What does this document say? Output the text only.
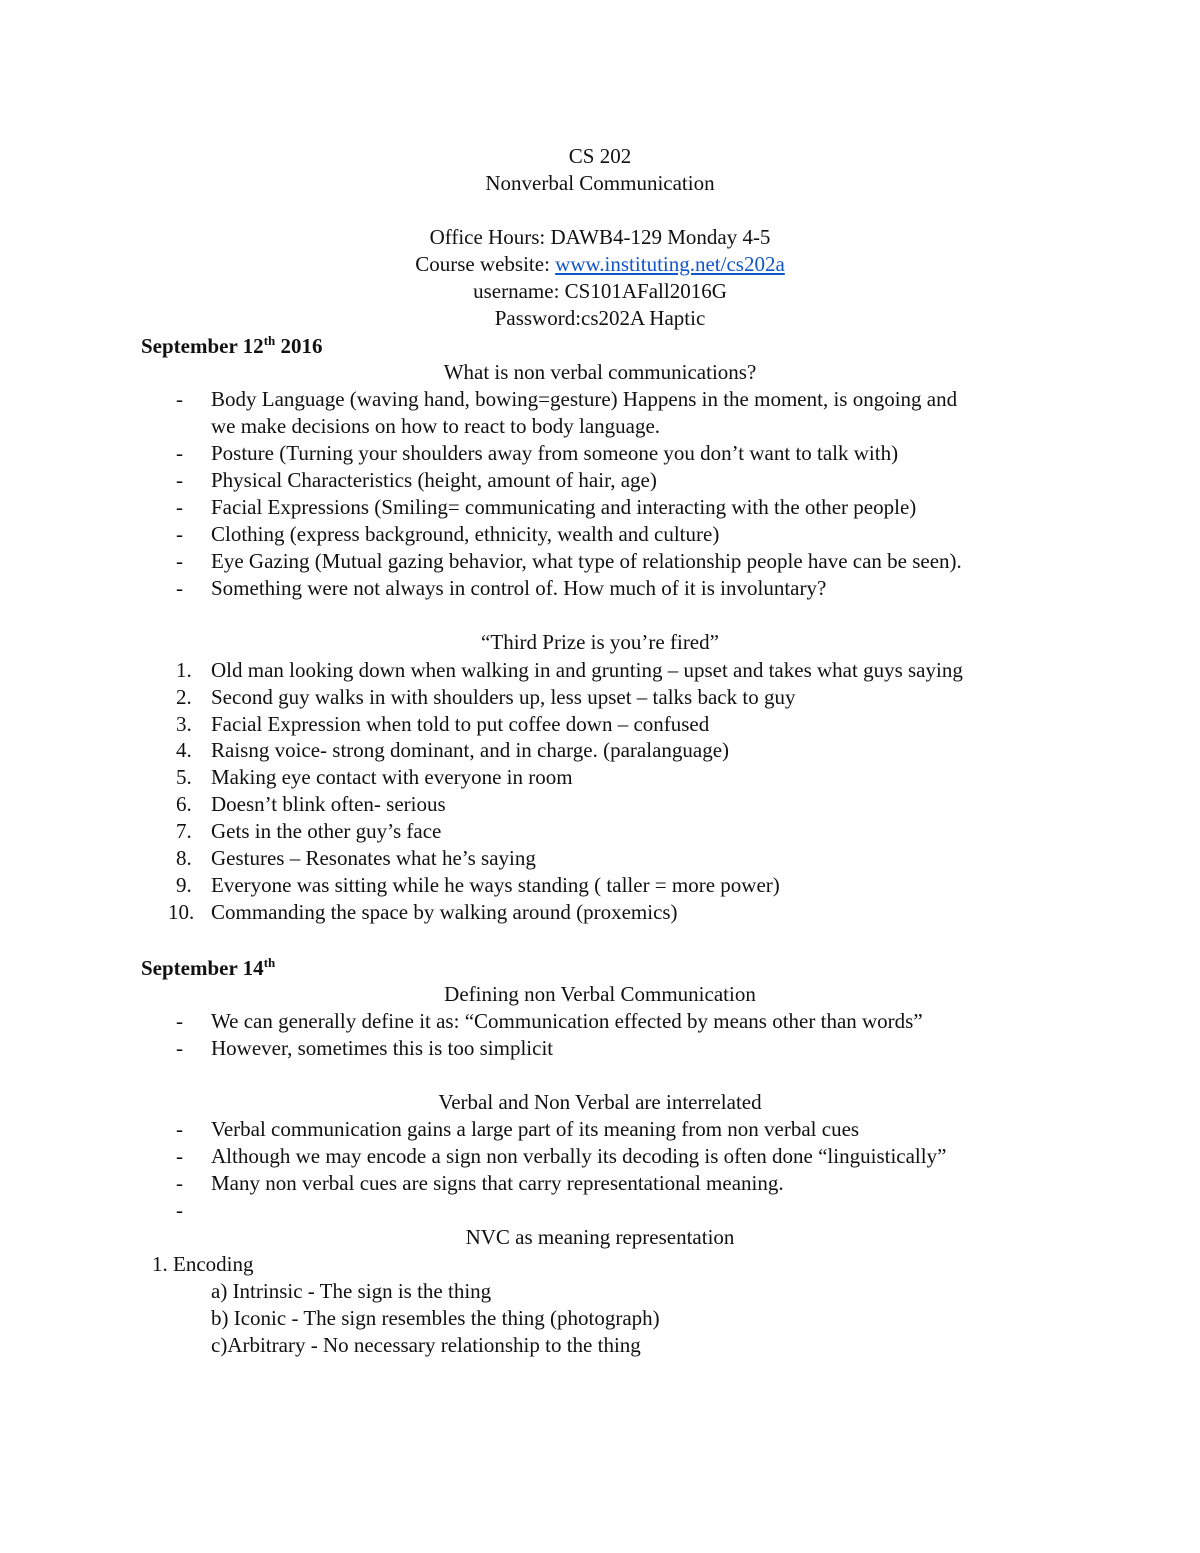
CS 202
Nonverbal Communication
Office Hours: DAWB4-129 Monday 4-5
Course website: www.instituting.net/cs202a
username: CS101AFall2016G
Password:cs202A Haptic
September 12th 2016
What is non verbal communications?
- Body Language (waving hand, bowing=gesture) Happens in the moment, is ongoing and
we make decisions on how to react to body language.
- Posture (Turning your shoulders away from someone you don’t want to talk with)
- Physical Characteristics (height, amount of hair, age)
- Facial Expressions (Smiling= communicating and interacting with the other people)
- Clothing (express background, ethnicity, wealth and culture)
- Eye Gazing (Mutual gazing behavior, what type of relationship people have can be seen).
- Something were not always in control of. How much of it is involuntary?
“Third Prize is you’re fired”
1. Old man looking down when walking in and grunting – upset and takes what guys saying
2. Second guy walks in with shoulders up, less upset – talks back to guy
3. Facial Expression when told to put coffee down – confused
4. Raisng voice- strong dominant, and in charge. (paralanguage)
5. Making eye contact with everyone in room
6. Doesn’t blink often- serious
7. Gets in the other guy’s face
8. Gestures – Resonates what he’s saying
9. Everyone was sitting while he ways standing ( taller = more power)
10. Commanding the space by walking around (proxemics)
September 14th
Defining non Verbal Communication
- We can generally define it as: “Communication effected by means other than words”
- However, sometimes this is too simplicit
Verbal and Non Verbal are interrelated
- Verbal communication gains a large part of its meaning from non verbal cues
- Although we may encode a sign non verbally its decoding is often done “linguistically”
- Many non verbal cues are signs that carry representational meaning.
-
NVC as meaning representation
1. Encoding
a) Intrinsic - The sign is the thing
b) Iconic - The sign resembles the thing (photograph)
c)Arbitrary - No necessary relationship to the thing
